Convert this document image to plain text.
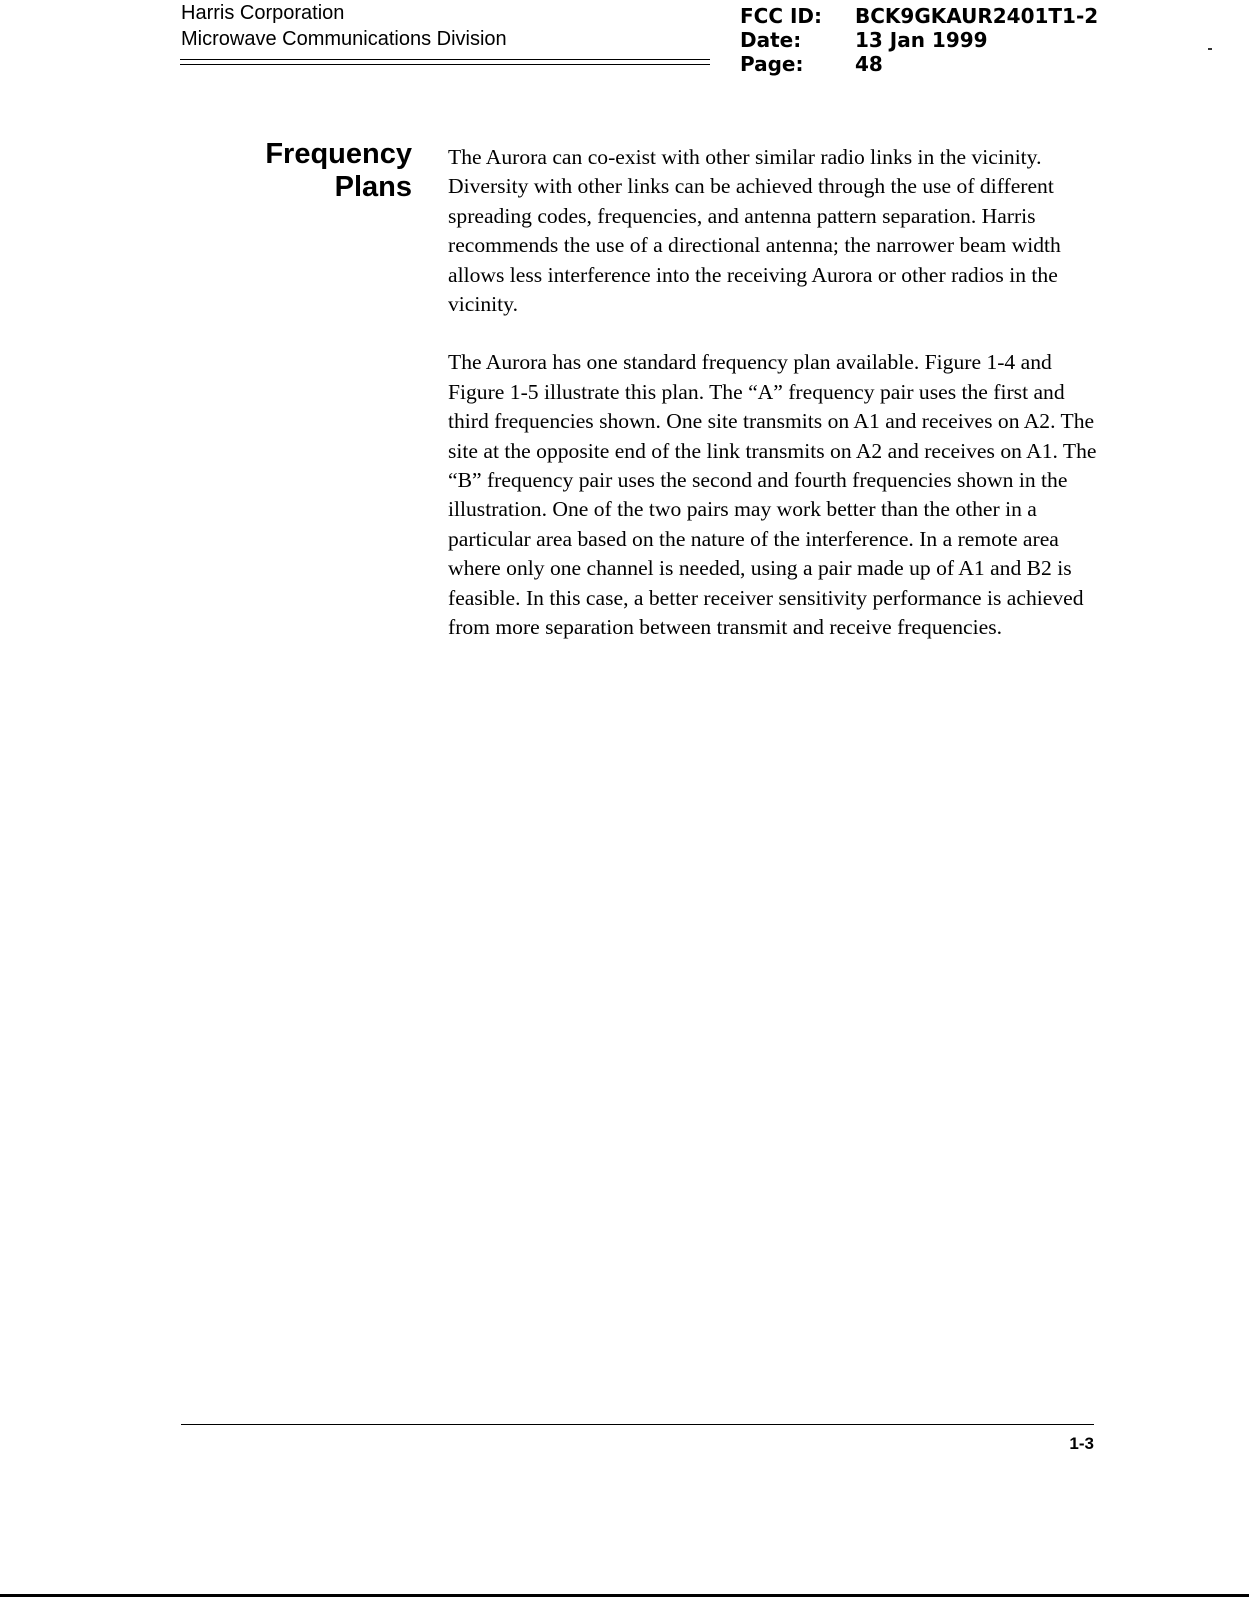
Harris Corporation
Microwave Communications Division
FCC ID:	BCK9GKAUR2401T1-2
Date:	13 Jan 1999
Page:	48
Frequency
Plans

The Aurora can co-exist with other similar radio links in the vicinity. Diversity with other links can be achieved through the use of different spreading codes, frequencies, and antenna pattern separation. Harris recommends the use of a directional antenna; the narrower beam width allows less interference into the receiving Aurora or other radios in the vicinity.

The Aurora has one standard frequency plan available. Figure 1-4 and Figure 1-5 illustrate this plan. The “A” frequency pair uses the first and third frequencies shown. One site transmits on A1 and receives on A2. The site at the opposite end of the link transmits on A2 and receives on A1. The “B” frequency pair uses the second and fourth frequencies shown in the illustration. One of the two pairs may work better than the other in a particular area based on the nature of the interference. In a remote area where only one channel is needed, using a pair made up of A1 and B2 is feasible. In this case, a better receiver sensitivity performance is achieved from more separation between transmit and receive frequencies.

1-3
